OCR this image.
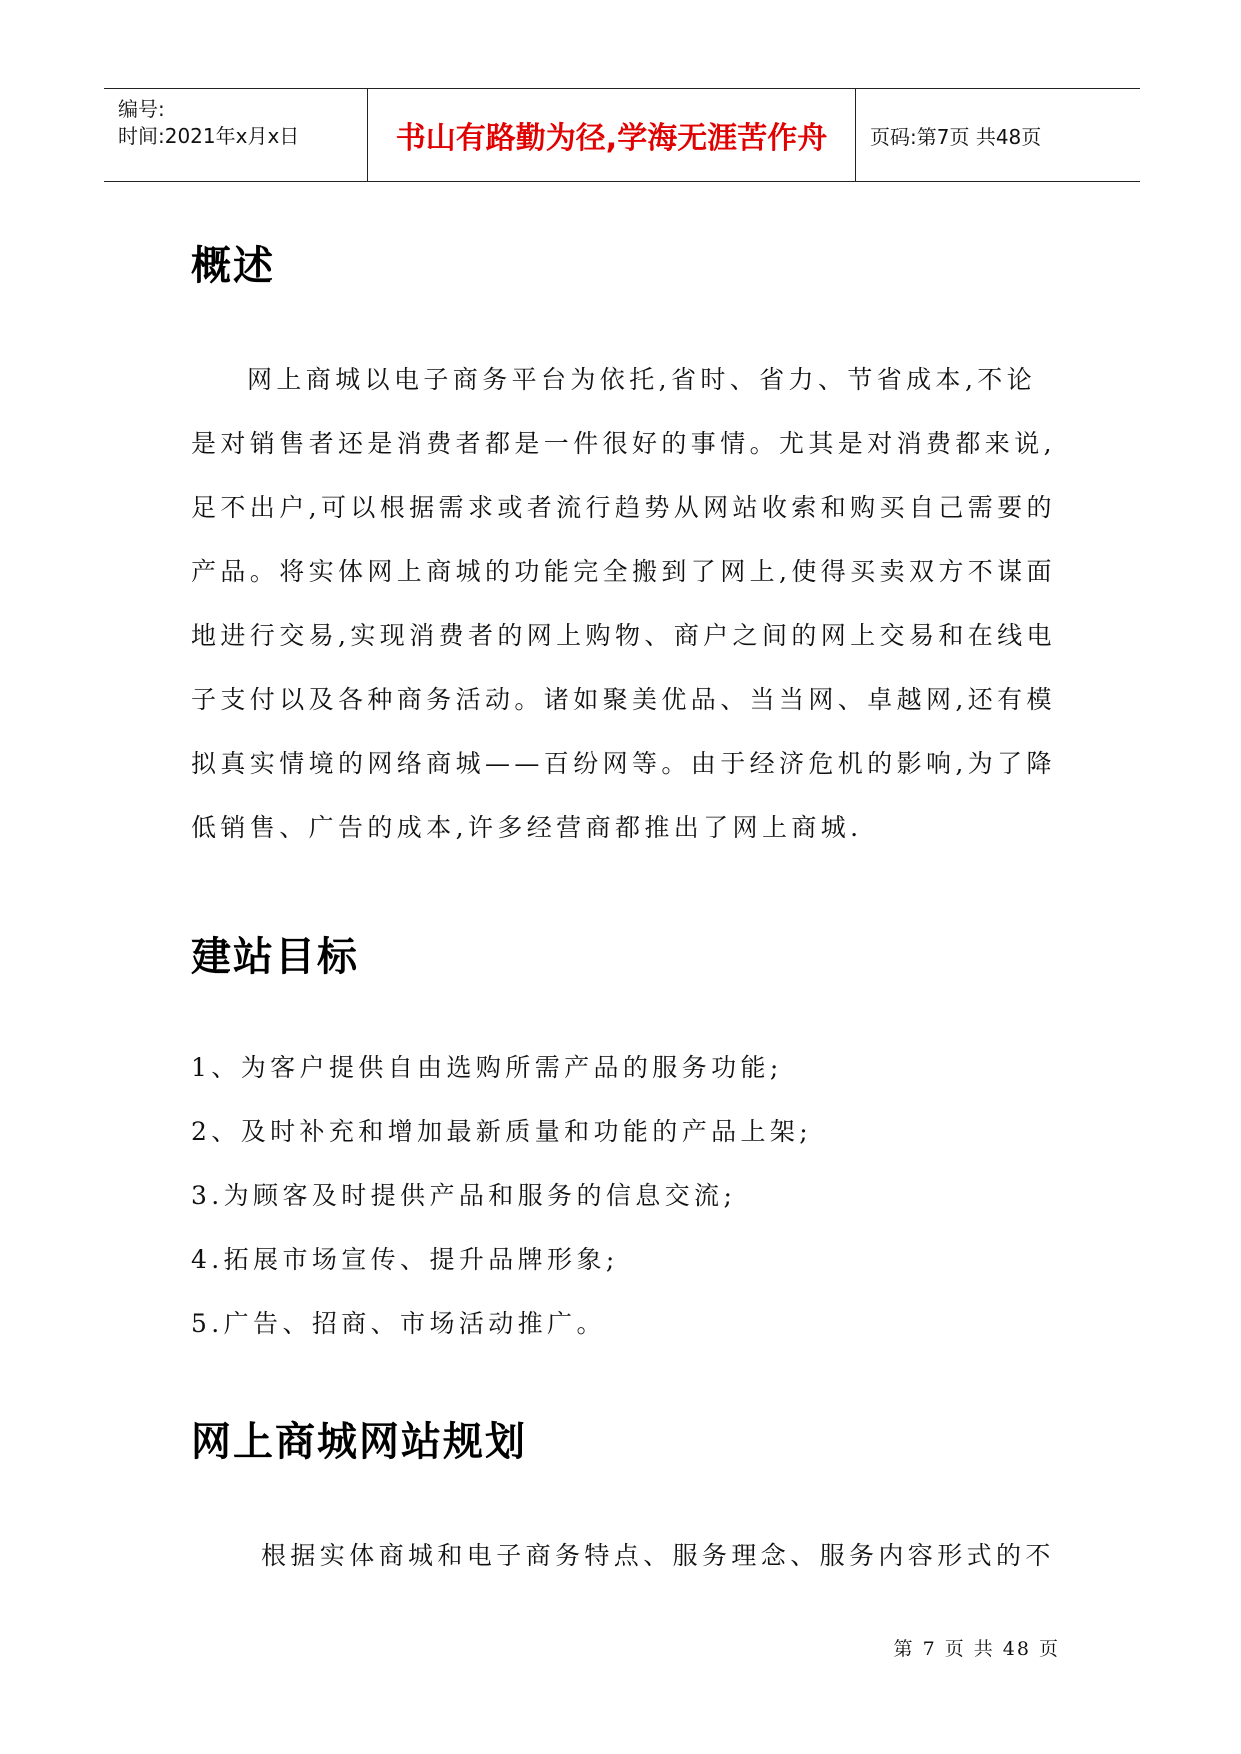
编号:
时间:2021年x月x日	书山有路勤为径,学海无涯苦作舟	页码:第7页 共48页
概述
网上商城以电子商务平台为依托,省时、省力、节省成本,不论
是对销售者还是消费者都是一件很好的事情。尤其是对消费都来说,
足不出户,可以根据需求或者流行趋势从网站收索和购买自己需要的
产品。将实体网上商城的功能完全搬到了网上,使得买卖双方不谋面
地进行交易,实现消费者的网上购物、商户之间的网上交易和在线电
子支付以及各种商务活动。诸如聚美优品、当当网、卓越网,还有模
拟真实情境的网络商城——百纷网等。由于经济危机的影响,为了降
低销售、广告的成本,许多经营商都推出了网上商城.
建站目标
1、为客户提供自由选购所需产品的服务功能;
2、及时补充和增加最新质量和功能的产品上架;
3.为顾客及时提供产品和服务的信息交流;
4.拓展市场宣传、提升品牌形象;
5.广告、招商、市场活动推广。
网上商城网站规划
根据实体商城和电子商务特点、服务理念、服务内容形式的不
第 7 页 共 48 页
